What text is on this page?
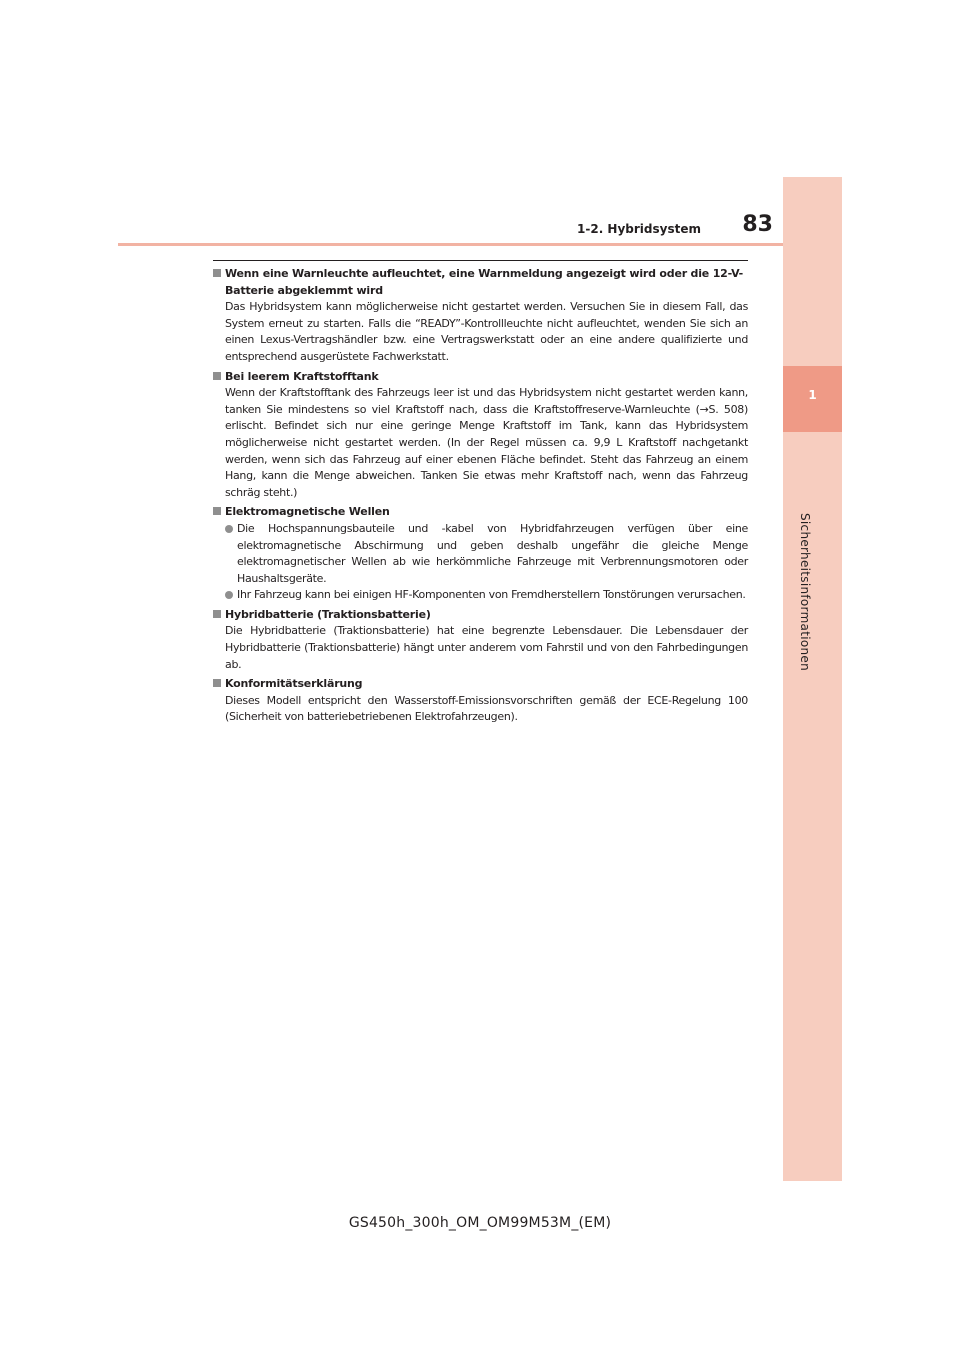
1
Sicherheitsinformationen
1-2. Hybridsystem	83
Wenn eine Warnleuchte aufleuchtet, eine Warnmeldung angezeigt wird oder die 12-V-Batterie abgeklemmt wird

Das Hybridsystem kann möglicherweise nicht gestartet werden. Versuchen Sie in diesem Fall, das System erneut zu starten. Falls die “READY”-Kontrollleuchte nicht aufleuchtet, wenden Sie sich an einen Lexus-Vertragshändler bzw. eine Vertragswerkstatt oder an eine andere qualifizierte und entsprechend ausgerüstete Fachwerkstatt.

Bei leerem Kraftstofftank

Wenn der Kraftstofftank des Fahrzeugs leer ist und das Hybridsystem nicht gestartet werden kann, tanken Sie mindestens so viel Kraftstoff nach, dass die Kraftstoffreserve-Warnleuchte (→S. 508) erlischt. Befindet sich nur eine geringe Menge Kraftstoff im Tank, kann das Hybridsystem möglicherweise nicht gestartet werden. (In der Regel müssen ca. 9,9 L Kraftstoff nachgetankt werden, wenn sich das Fahrzeug auf einer ebenen Fläche befindet. Steht das Fahrzeug an einem Hang, kann die Menge abweichen. Tanken Sie etwas mehr Kraftstoff nach, wenn das Fahrzeug schräg steht.)

Elektromagnetische Wellen
Die Hochspannungsbauteile und -kabel von Hybridfahrzeugen verfügen über eine elektromagnetische Abschirmung und geben deshalb ungefähr die gleiche Menge elektromagnetischer Wellen ab wie herkömmliche Fahrzeuge mit Verbrennungsmotoren oder Haushaltsgeräte.
Ihr Fahrzeug kann bei einigen HF-Komponenten von Fremdherstellern Tonstörungen verursachen.
Hybridbatterie (Traktionsbatterie)

Die Hybridbatterie (Traktionsbatterie) hat eine begrenzte Lebensdauer. Die Lebensdauer der Hybridbatterie (Traktionsbatterie) hängt unter anderem vom Fahrstil und von den Fahrbedingungen ab.

Konformitätserklärung

Dieses Modell entspricht den Wasserstoff-Emissionsvorschriften gemäß der ECE-Regelung 100 (Sicherheit von batteriebetriebenen Elektrofahrzeugen).

GS450h_300h_OM_OM99M53M_(EM)
